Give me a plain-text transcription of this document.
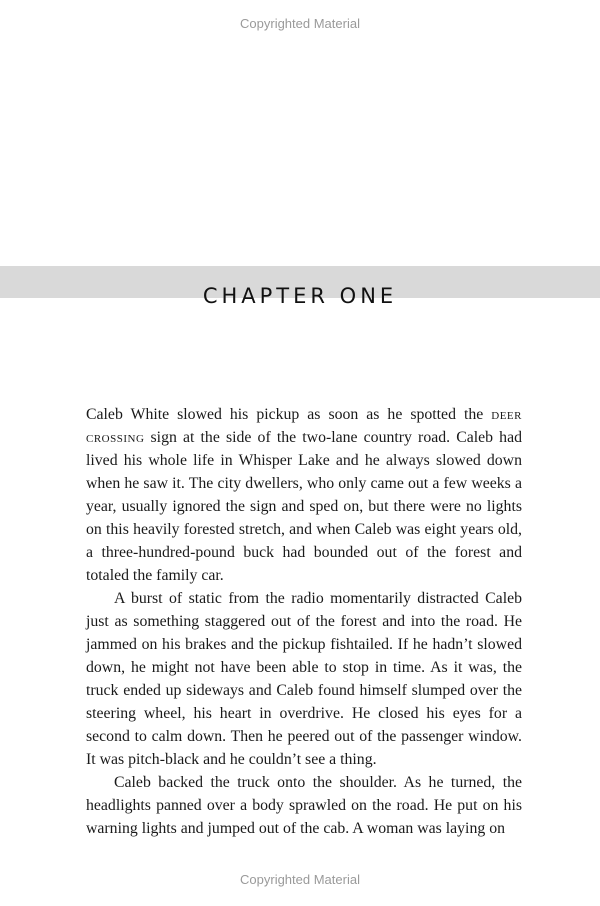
Copyrighted Material
CHAPTER ONE

Caleb White slowed his pickup as soon as he spotted the deer crossing sign at the side of the two-lane country road. Caleb had lived his whole life in Whisper Lake and he always slowed down when he saw it. The city dwellers, who only came out a few weeks a year, usually ignored the sign and sped on, but there were no lights on this heavily forested stretch, and when Caleb was eight years old, a three-hundred-pound buck had bounded out of the forest and totaled the family car.

A burst of static from the radio momentarily distracted Caleb just as something staggered out of the forest and into the road. He jammed on his brakes and the pickup fishtailed. If he hadn’t slowed down, he might not have been able to stop in time. As it was, the truck ended up sideways and Caleb found himself slumped over the steering wheel, his heart in overdrive. He closed his eyes for a second to calm down. Then he peered out of the passenger window. It was pitch-black and he couldn’t see a thing.

Caleb backed the truck onto the shoulder. As he turned, the headlights panned over a body sprawled on the road. He put on his warning lights and jumped out of the cab. A woman was laying on

Copyrighted Material
